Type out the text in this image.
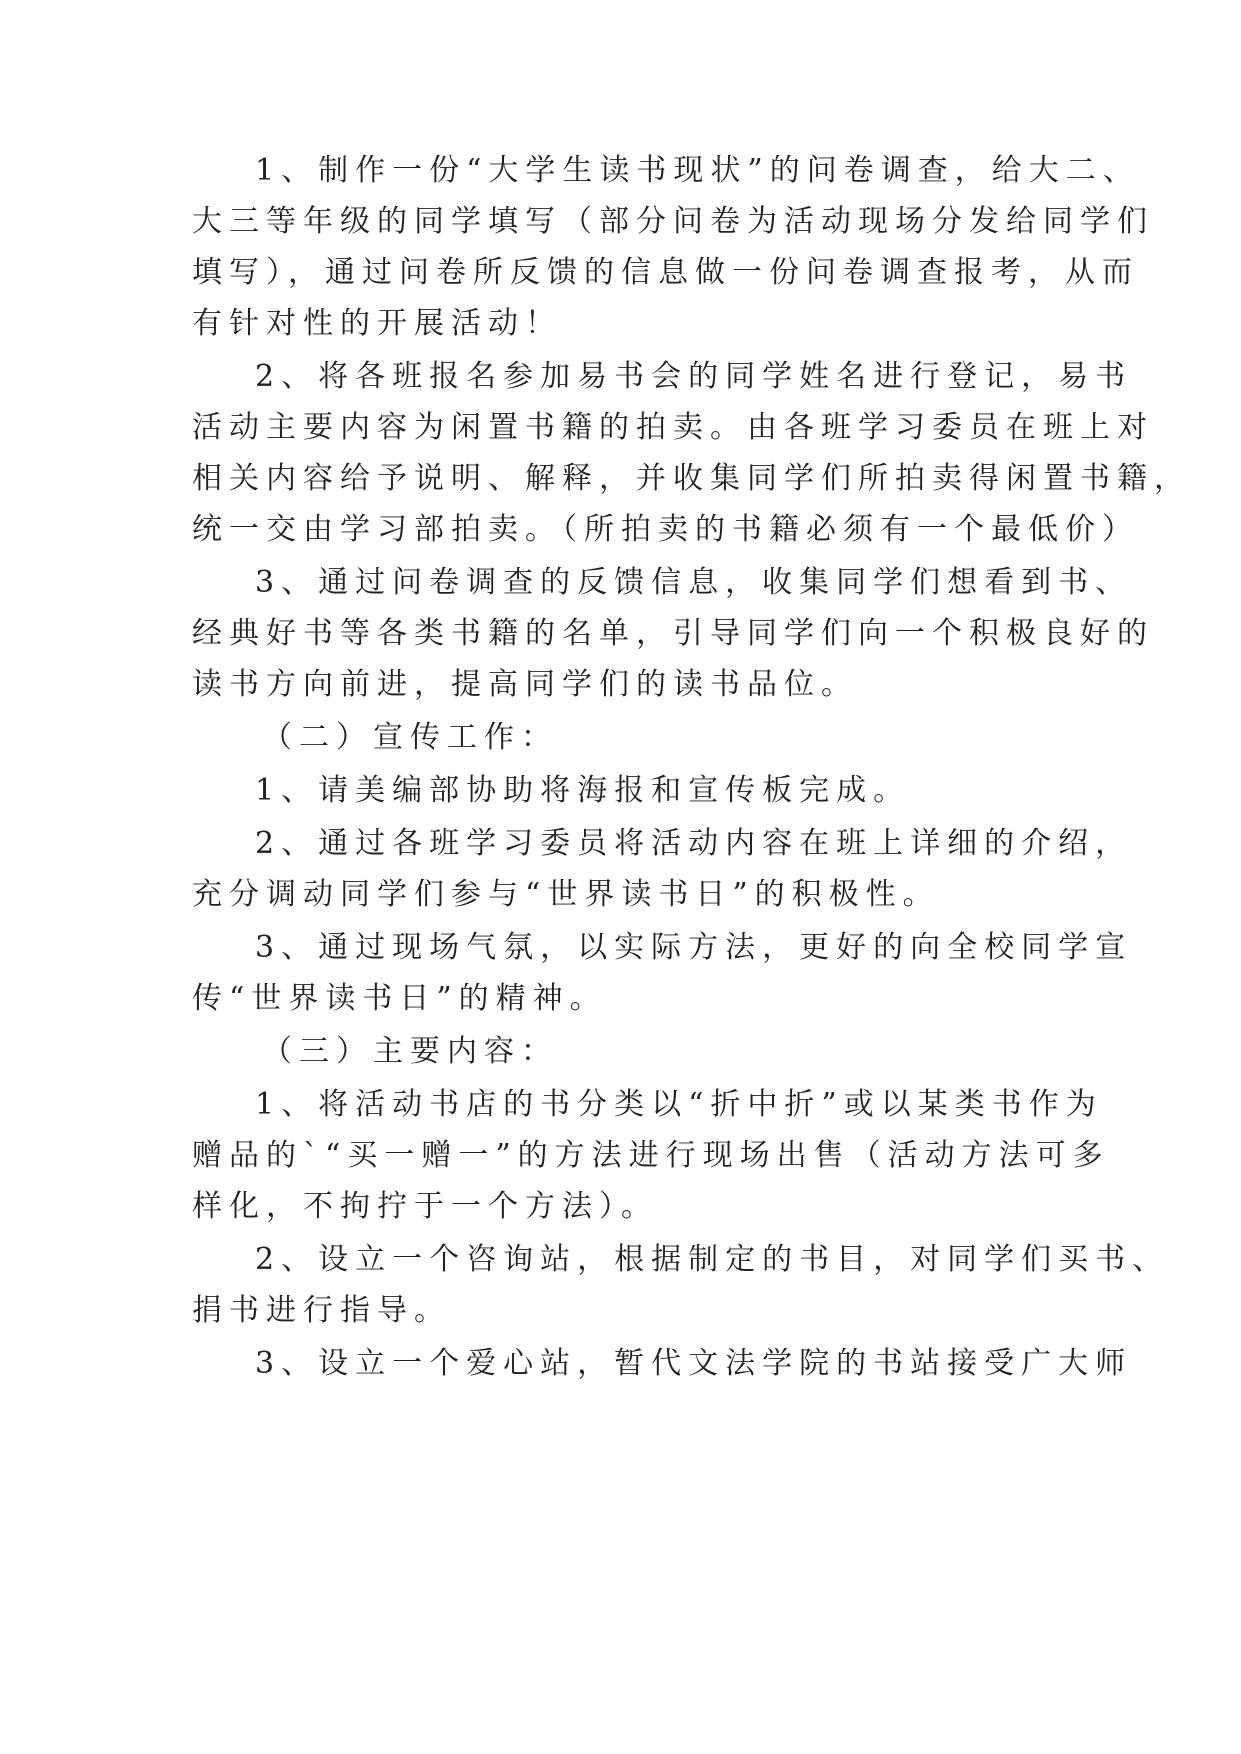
1、制作一份“大学生读书现状”的问卷调查，给大二、
大三等年级的同学填写（部分问卷为活动现场分发给同学们
填写），通过问卷所反馈的信息做一份问卷调查报考，从而
有针对性的开展活动！
2、将各班报名参加易书会的同学姓名进行登记，易书
活动主要内容为闲置书籍的拍卖。由各班学习委员在班上对
相关内容给予说明、解释，并收集同学们所拍卖得闲置书籍，
统一交由学习部拍卖。（所拍卖的书籍必须有一个最低价）
3、通过问卷调查的反馈信息，收集同学们想看到书、
经典好书等各类书籍的名单，引导同学们向一个积极良好的
读书方向前进，提高同学们的读书品位。
（二）宣传工作：
1、请美编部协助将海报和宣传板完成。
2、通过各班学习委员将活动内容在班上详细的介绍，
充分调动同学们参与“世界读书日”的积极性。
3、通过现场气氛，以实际方法，更好的向全校同学宣
传“世界读书日”的精神。
（三）主要内容：
1、将活动书店的书分类以“折中折”或以某类书作为
赠品的`“买一赠一”的方法进行现场出售（活动方法可多
样化，不拘拧于一个方法）。
2、设立一个咨询站，根据制定的书目，对同学们买书、
捐书进行指导。
3、设立一个爱心站，暂代文法学院的书站接受广大师
